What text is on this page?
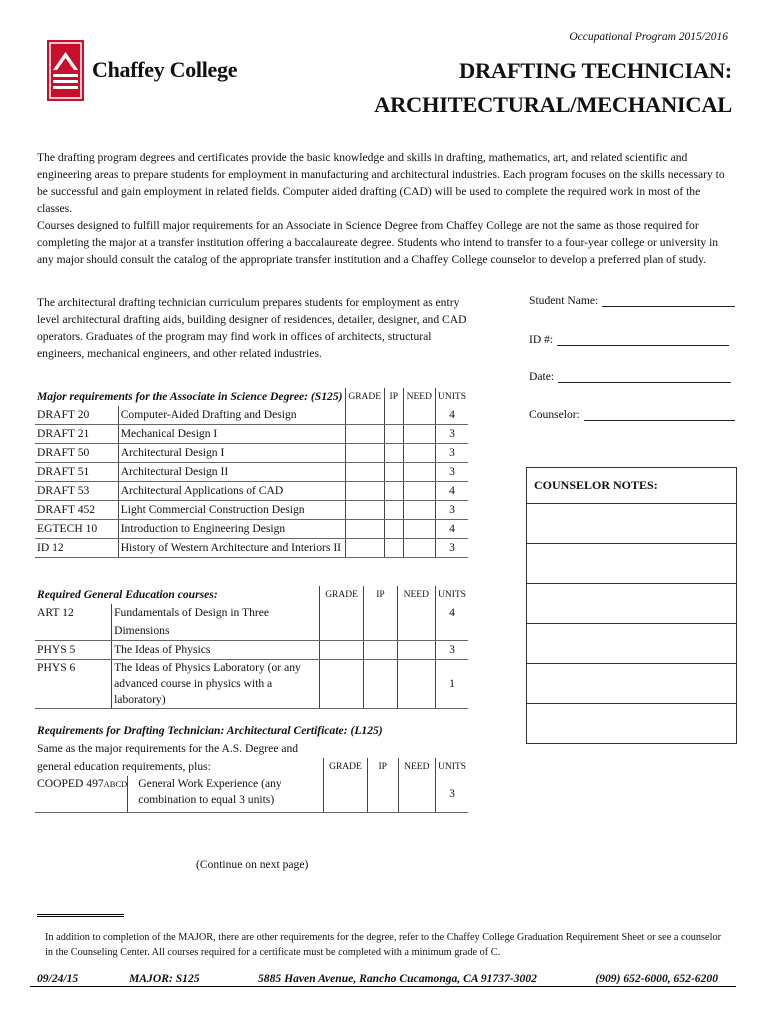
Occupational Program 2015/2016
Chaffey College	DRAFTING TECHNICIAN:
ARCHITECTURAL/MECHANICAL
The drafting program degrees and certificates provide the basic knowledge and skills in drafting, mathematics, art, and related scientific and engineering areas to prepare students for employment in manufacturing and architectural industries. Each program focuses on the skills necessary to be successful and gain employment in related fields. Computer aided drafting (CAD) will be used to complete the required work in most of the classes.
Courses designed to fulfill major requirements for an Associate in Science Degree from Chaffey College are not the same as those required for completing the major at a transfer institution offering a baccalaureate degree. Students who intend to transfer to a four-year college or university in any major should consult the catalog of the appropriate transfer institution and a Chaffey College counselor to develop a preferred plan of study.
The architectural drafting technician curriculum prepares students for employment as entry level architectural drafting aids, building designer of residences, detailer, designer, and CAD operators. Graduates of the program may find work in offices of architects, structural engineers, mechanical engineers, and other related industries.
Student Name:
ID #:
Date:
Counselor:
COUNSELOR NOTES:
Major requirements for the Associate in Science Degree: (S125)		GRADE	IP	NEED	UNITS
DRAFT 20	Computer-Aided Drafting and Design				4
DRAFT 21	Mechanical Design I				3
DRAFT 50	Architectural Design I				3
DRAFT 51	Architectural Design II				3
DRAFT 53	Architectural Applications of CAD				4
DRAFT 452	Light Commercial Construction Design				3
EGTECH 10	Introduction to Engineering Design				4
ID 12	History of Western Architecture and Interiors II				3
Required General Education courses:		GRADE	IP	NEED	UNITS
ART 12	Fundamentals of Design in Three Dimensions				4
PHYS 5	The Ideas of Physics				3
PHYS 6	The Ideas of Physics Laboratory (or any advanced course in physics with a laboratory)				1
Requirements for Drafting Technician: Architectural Certificate: (L125)
Same as the major requirements for the A.S. Degree and
general education requirements, plus:		GRADE	IP	NEED	UNITS
COOPED 497ABCD	General Work Experience (any combination to equal 3 units)				3
(Continue on next page)
In addition to completion of the MAJOR, there are other requirements for the degree, refer to the Chaffey College Graduation Requirement Sheet or see a counselor in the Counseling Center. All courses required for a certificate must be completed with a minimum grade of C.
09/24/15	MAJOR: S125	5885 Haven Avenue, Rancho Cucamonga, CA 91737-3002	(909) 652-6000, 652-6200
